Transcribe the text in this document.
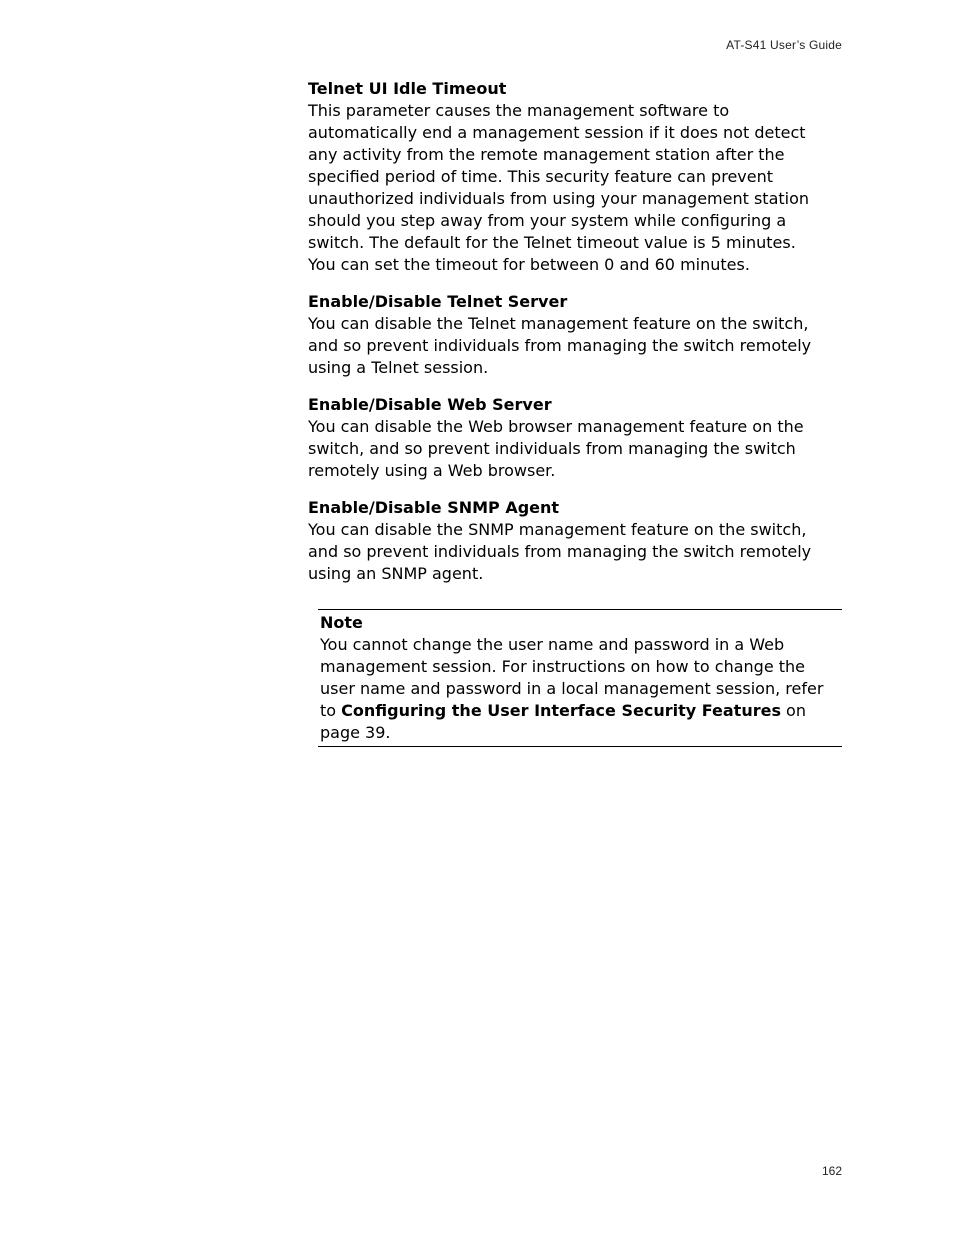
AT-S41 User’s Guide
Telnet UI Idle Timeout

This parameter causes the management software to automatically end a management session if it does not detect any activity from the remote management station after the specified period of time. This security feature can prevent unauthorized individuals from using your management station should you step away from your system while configuring a switch. The default for the Telnet timeout value is 5 minutes. You can set the timeout for between 0 and 60 minutes.

Enable/Disable Telnet Server

You can disable the Telnet management feature on the switch, and so prevent individuals from managing the switch remotely using a Telnet session.

Enable/Disable Web Server

You can disable the Web browser management feature on the switch, and so prevent individuals from managing the switch remotely using a Web browser.

Enable/Disable SNMP Agent

You can disable the SNMP management feature on the switch, and so prevent individuals from managing the switch remotely using an SNMP agent.

Note

You cannot change the user name and password in a Web management session. For instructions on how to change the user name and password in a local management session, refer to Configuring the User Interface Security Features on page 39.

162
